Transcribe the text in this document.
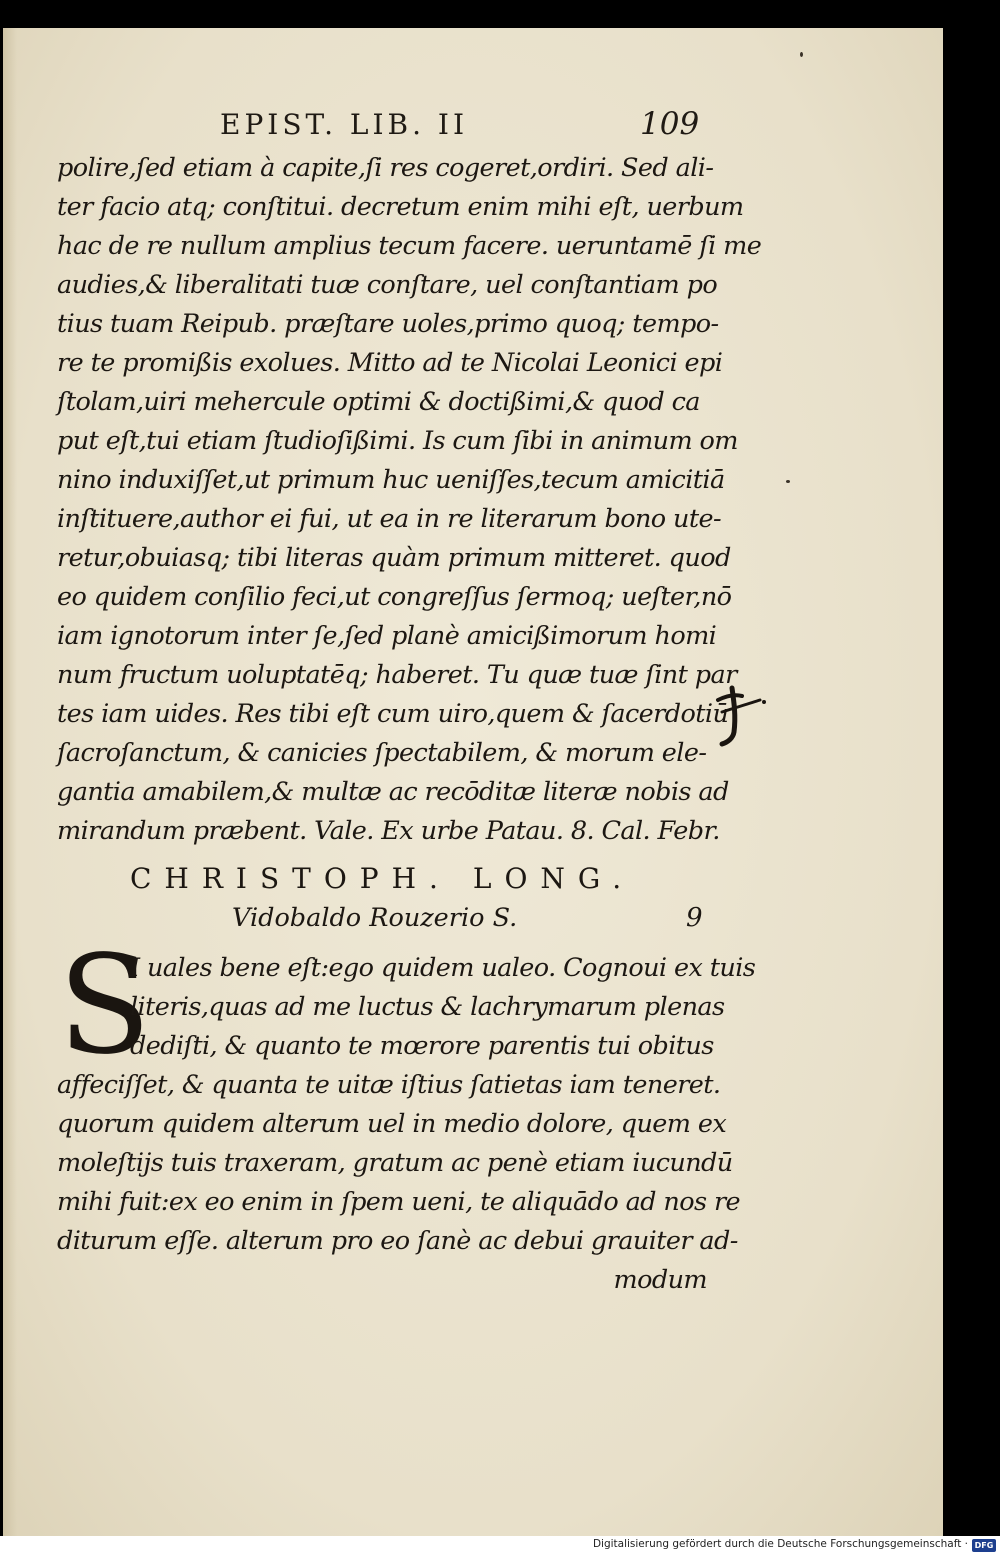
EPIST. LIB. II	109
polire,ſed etiam à capite,ſi res cogeret,ordiri. Sed ali-
ter facio atq; conſtitui. decretum enim mihi eſt, uerbum
hac de re nullum amplius tecum facere. ueruntamē ſi me
audies,& liberalitati tuæ conſtare, uel conſtantiam po
tius tuam Reipub. præſtare uoles,primo quoq; tempo-
re te promißis exolues. Mitto ad te Nicolai Leonici epi
ſtolam,uiri mehercule optimi & doctißimi,& quod ca
put eſt,tui etiam ſtudioſißimi. Is cum ſibi in animum om
nino induxiſſet,ut primum huc ueniſſes,tecum amicitiā
inſtituere,author ei fui, ut ea in re literarum bono ute-
retur,obuiasq; tibi literas quàm primum mitteret. quod
eo quidem conſilio feci,ut congreſſus ſermoq; ueſter,nō
iam ignotorum inter ſe,ſed planè amicißimorum homi
num fructum uoluptatēq; haberet. Tu quæ tuæ ſint par
tes iam uides. Res tibi eſt cum uiro,quem & ſacerdotiū
ſacroſanctum, & canicies ſpectabilem, & morum ele-
gantia amabilem,& multæ ac recōditæ literæ nobis ad
mirandum præbent. Vale. Ex urbe Patau. 8. Cal. Febr.
CHRISTOPH. LONG.
Vidobaldo Rouzerio S.	9
S
I uales bene eſt:ego quidem ualeo. Cognoui ex tuis
literis,quas ad me luctus & lachrymarum plenas
dediſti, & quanto te mœrore parentis tui obitus
affeciſſet, & quanta te uitæ iſtius ſatietas iam teneret.
quorum quidem alterum uel in medio dolore, quem ex
moleſtijs tuis traxeram, gratum ac penè etiam iucundū
mihi fuit:ex eo enim in ſpem ueni, te aliquādo ad nos re
diturum eſſe. alterum pro eo ſanè ac debui grauiter ad-
modum
Digitalisierung gefördert durch die Deutsche Forschungsgemeinschaft · DFG
